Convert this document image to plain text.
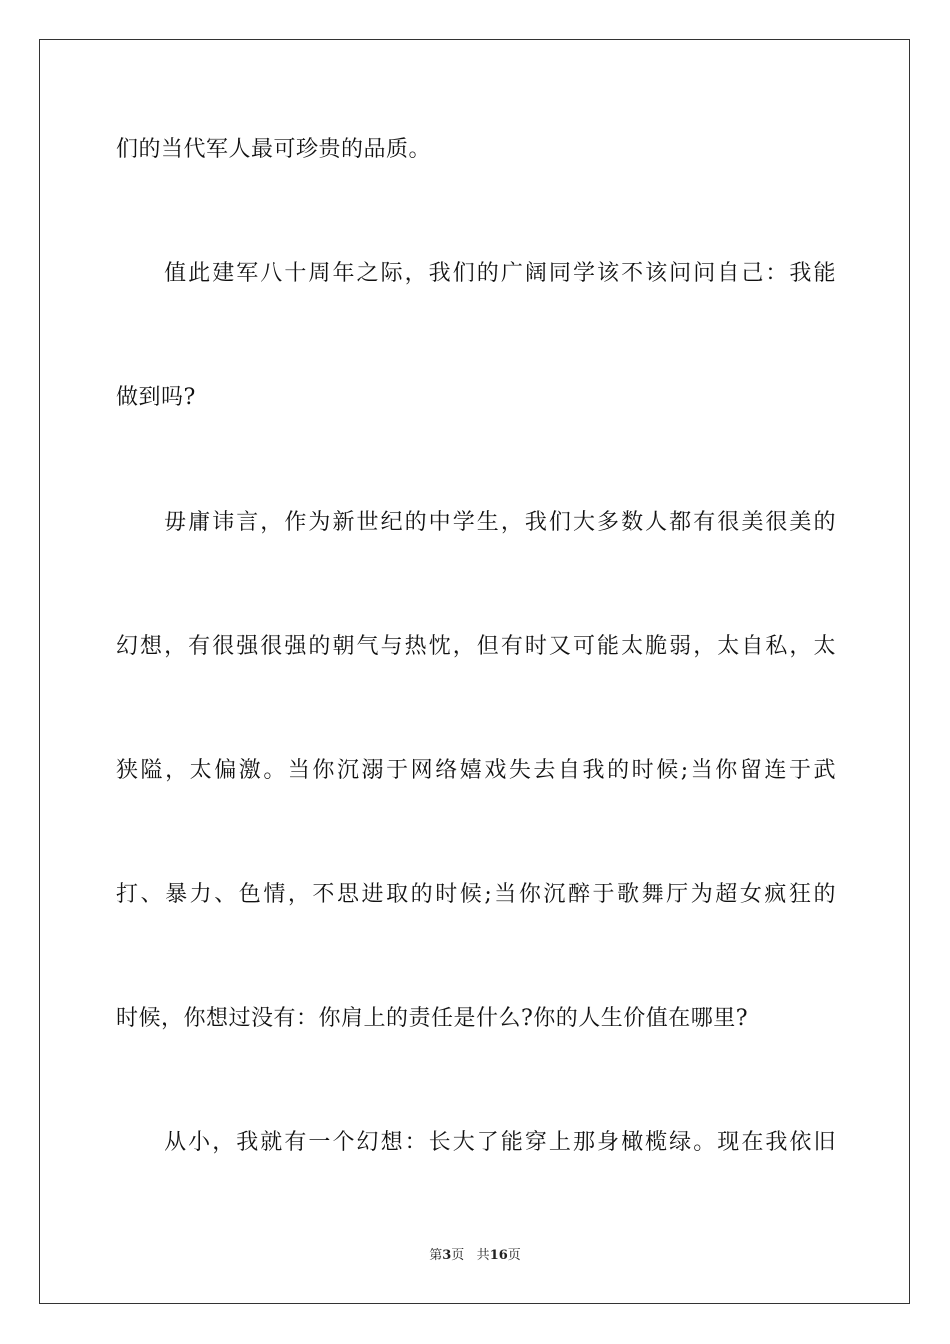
们的当代军人最可珍贵的品质。
　　值此建军八十周年之际，我们的广阔同学该不该问问自己：我能
做到吗?
　　毋庸讳言，作为新世纪的中学生，我们大多数人都有很美很美的
幻想，有很强很强的朝气与热忱，但有时又可能太脆弱，太自私，太
狭隘，太偏激。当你沉溺于网络嬉戏失去自我的时候;当你留连于武
打、暴力、色情，不思进取的时候;当你沉醉于歌舞厅为超女疯狂的
时候，你想过没有：你肩上的责任是什么?你的人生价值在哪里?
　　从小，我就有一个幻想：长大了能穿上那身橄榄绿。现在我依旧
第3页 共16页
